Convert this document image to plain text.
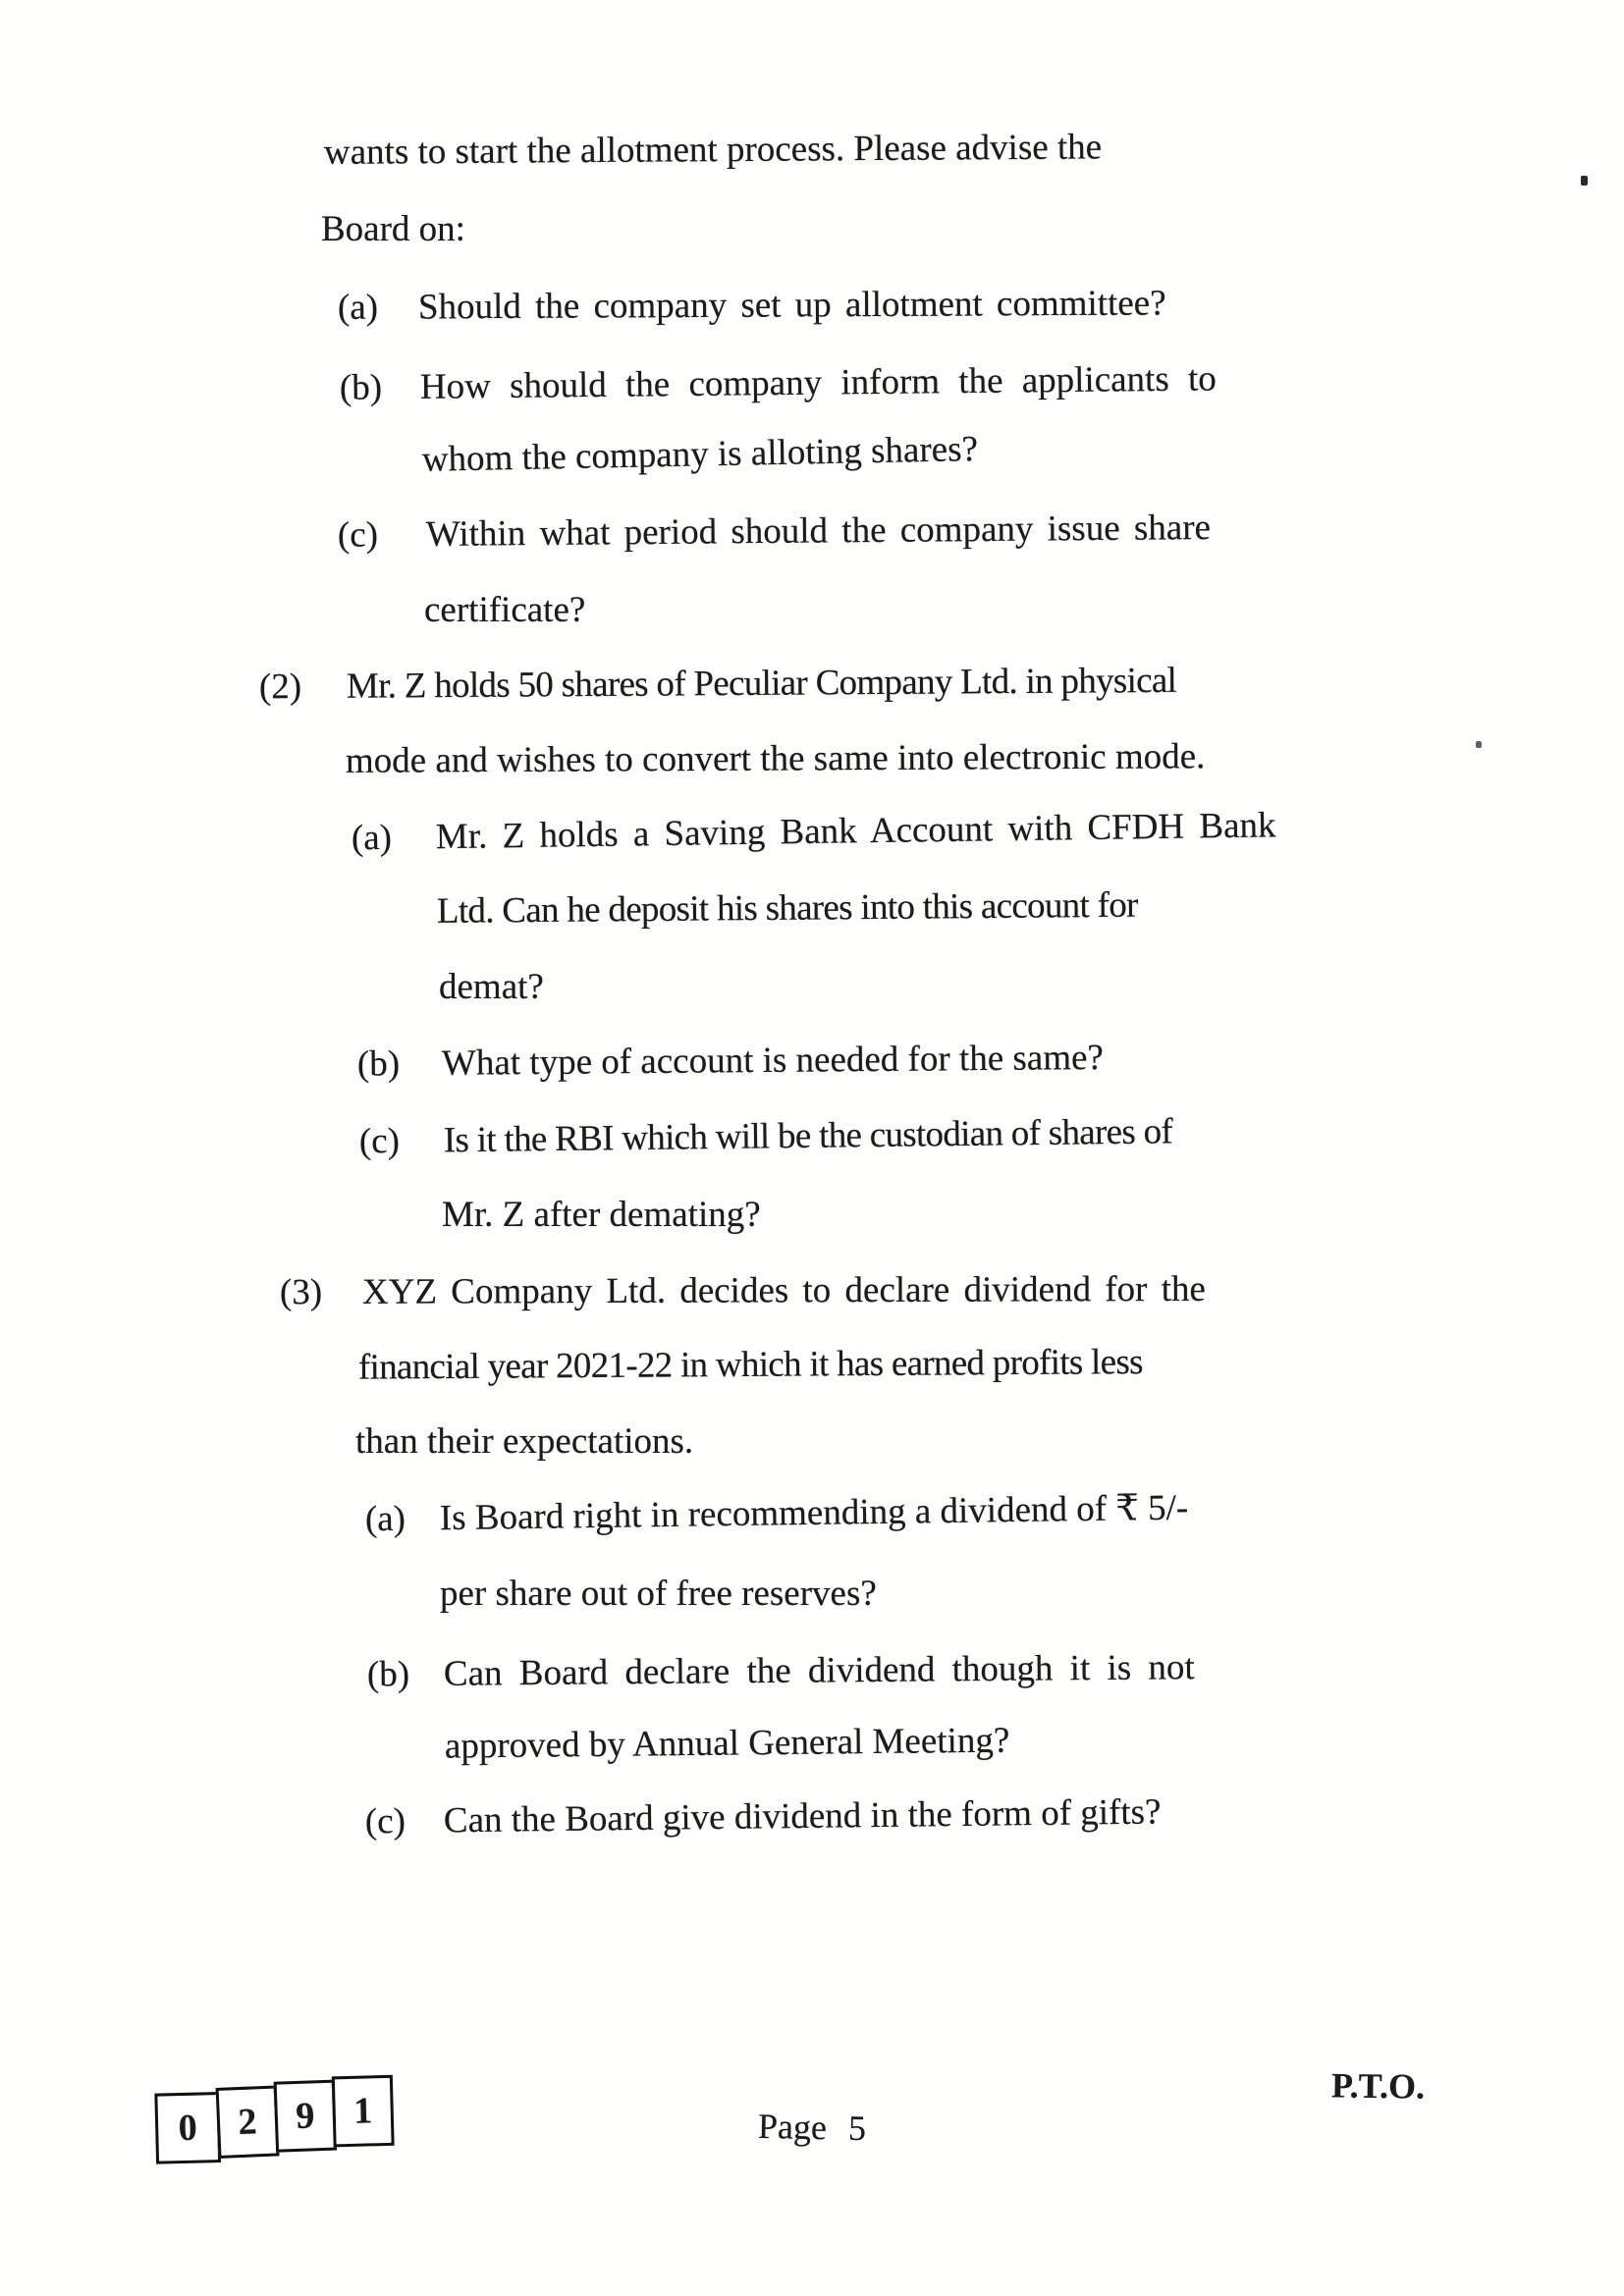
wants to start the allotment process. Please advise the
Board on:
(a) Should the company set up allotment committee?
(b) How should the company inform the applicants to
whom the company is alloting shares?
(c) Within what period should the company issue share
certificate?
(2) Mr. Z holds 50 shares of Peculiar Company Ltd. in physical
mode and wishes to convert the same into electronic mode.
(a) Mr. Z holds a Saving Bank Account with CFDH Bank
Ltd. Can he deposit his shares into this account for
demat?
(b) What type of account is needed for the same?
(c) Is it the RBI which will be the custodian of shares of
Mr. Z after demating?
(3) XYZ Company Ltd. decides to declare dividend for the
financial year 2021-22 in which it has earned profits less
than their expectations.
(a) Is Board right in recommending a dividend of ₹ 5/-
per share out of free reserves?
(b) Can Board declare the dividend though it is not
approved by Annual General Meeting?
(c) Can the Board give dividend in the form of gifts?
0	2	9	1	Page 5
P.T.O.
